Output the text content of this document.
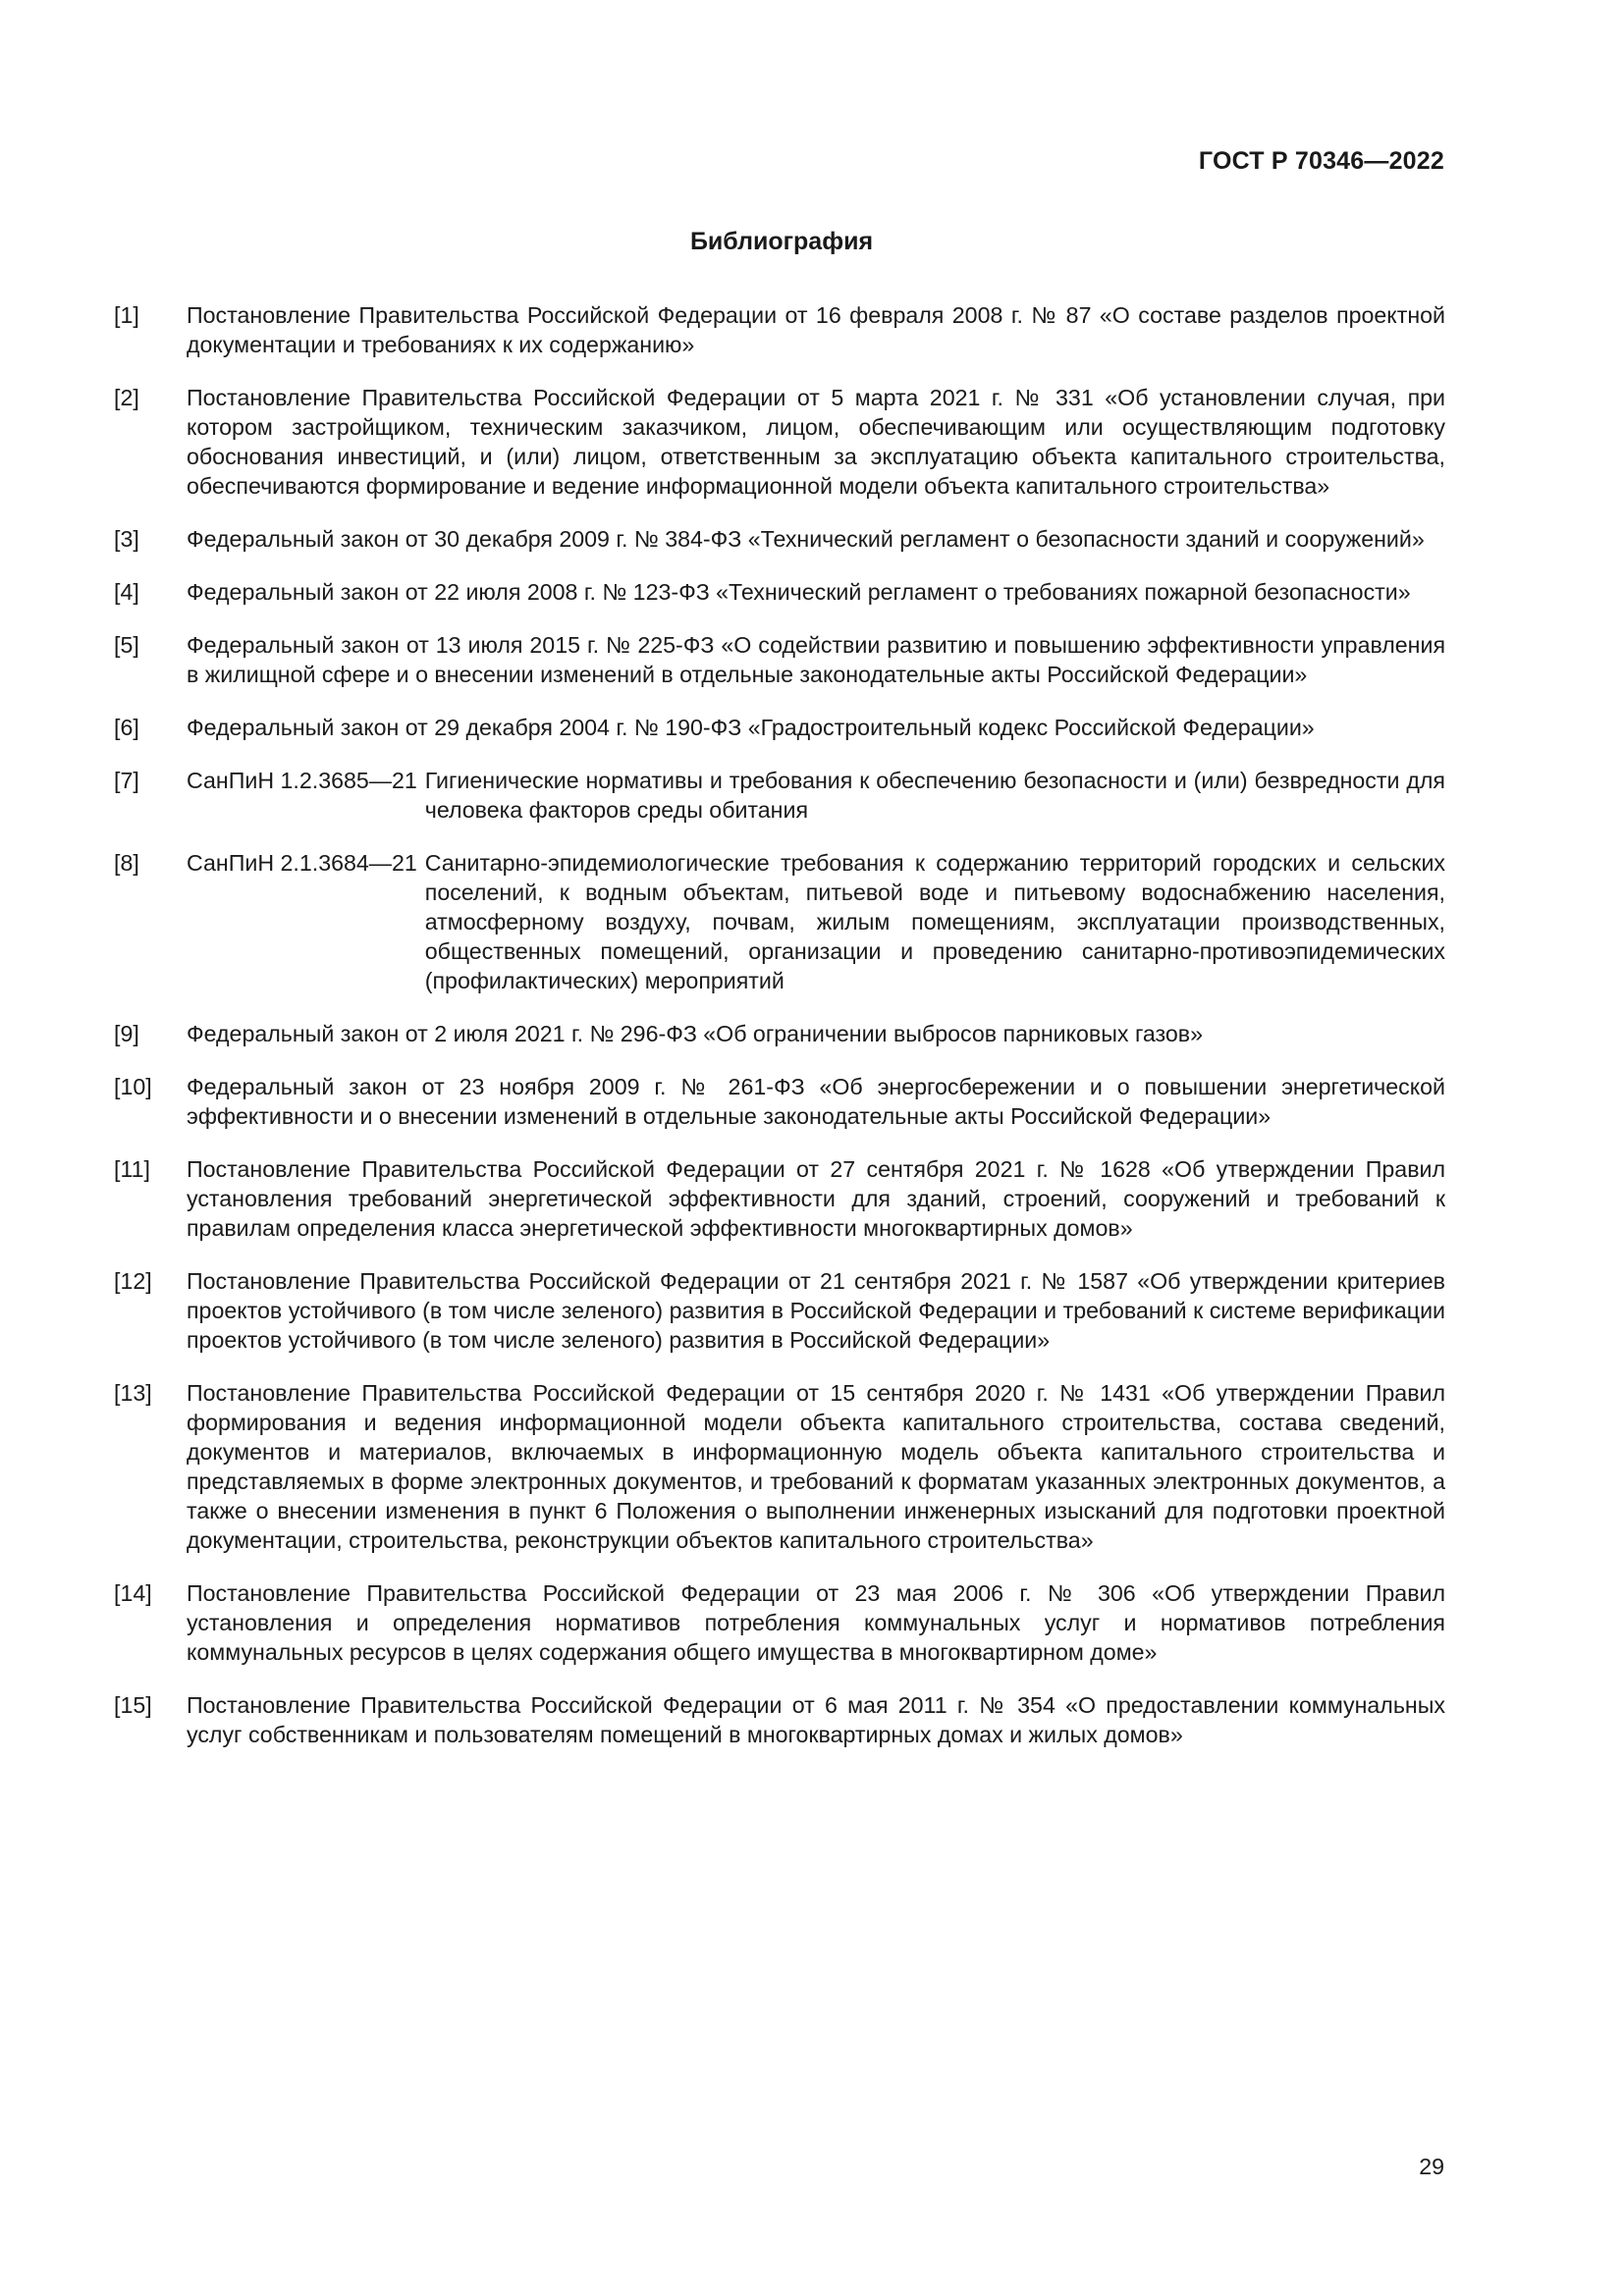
ГОСТ Р 70346—2022
Библиография
[1]	Постановление Правительства Российской Федерации от 16 февраля 2008 г. № 87 «О составе разделов проектной документации и требованиях к их содержанию»
[2]	Постановление Правительства Российской Федерации от 5 марта 2021 г. № 331 «Об установлении случая, при котором застройщиком, техническим заказчиком, лицом, обеспечивающим или осуществляющим подготовку обоснования инвестиций, и (или) лицом, ответственным за эксплуатацию объекта капитального строительства, обеспечиваются формирование и ведение информационной модели объекта капитального строительства»
[3]	Федеральный закон от 30 декабря 2009 г. № 384-ФЗ «Технический регламент о безопасности зданий и сооружений»
[4]	Федеральный закон от 22 июля 2008 г. № 123-ФЗ «Технический регламент о требованиях пожарной безопасности»
[5]	Федеральный закон от 13 июля 2015 г. № 225-ФЗ «О содействии развитию и повышению эффективности управления в жилищной сфере и о внесении изменений в отдельные законодательные акты Российской Федерации»
[6]	Федеральный закон от 29 декабря 2004 г. № 190-ФЗ «Градостроительный кодекс Российской Федерации»
[7]	СанПиН 1.2.3685—21 Гигиенические нормативы и требования к обеспечению безопасности и (или) безвредности для человека факторов среды обитания
[8]	СанПиН 2.1.3684—21 Санитарно-эпидемиологические требования к содержанию территорий городских и сельских поселений, к водным объектам, питьевой воде и питьевому водоснабжению населения, атмосферному воздуху, почвам, жилым помещениям, эксплуатации производственных, общественных помещений, организации и проведению санитарно-противоэпидемических (профилактических) мероприятий
[9]	Федеральный закон от 2 июля 2021 г. № 296-ФЗ «Об ограничении выбросов парниковых газов»
[10]	Федеральный закон от 23 ноября 2009 г. № 261-ФЗ «Об энергосбережении и о повышении энергетической эффективности и о внесении изменений в отдельные законодательные акты Российской Федерации»
[11]	Постановление Правительства Российской Федерации от 27 сентября 2021 г. № 1628 «Об утверждении Правил установления требований энергетической эффективности для зданий, строений, сооружений и требований к правилам определения класса энергетической эффективности многоквартирных домов»
[12]	Постановление Правительства Российской Федерации от 21 сентября 2021 г. № 1587 «Об утверждении критериев проектов устойчивого (в том числе зеленого) развития в Российской Федерации и требований к системе верификации проектов устойчивого (в том числе зеленого) развития в Российской Федерации»
[13]	Постановление Правительства Российской Федерации от 15 сентября 2020 г. № 1431 «Об утверждении Правил формирования и ведения информационной модели объекта капитального строительства, состава сведений, документов и материалов, включаемых в информационную модель объекта капитального строительства и представляемых в форме электронных документов, и требований к форматам указанных электронных документов, а также о внесении изменения в пункт 6 Положения о выполнении инженерных изысканий для подготовки проектной документации, строительства, реконструкции объектов капитального строительства»
[14]	Постановление Правительства Российской Федерации от 23 мая 2006 г. № 306 «Об утверждении Правил установления и определения нормативов потребления коммунальных услуг и нормативов потребления коммунальных ресурсов в целях содержания общего имущества в многоквартирном доме»
[15]	Постановление Правительства Российской Федерации от 6 мая 2011 г. № 354 «О предоставлении коммунальных услуг собственникам и пользователям помещений в многоквартирных домах и жилых домов»
29
